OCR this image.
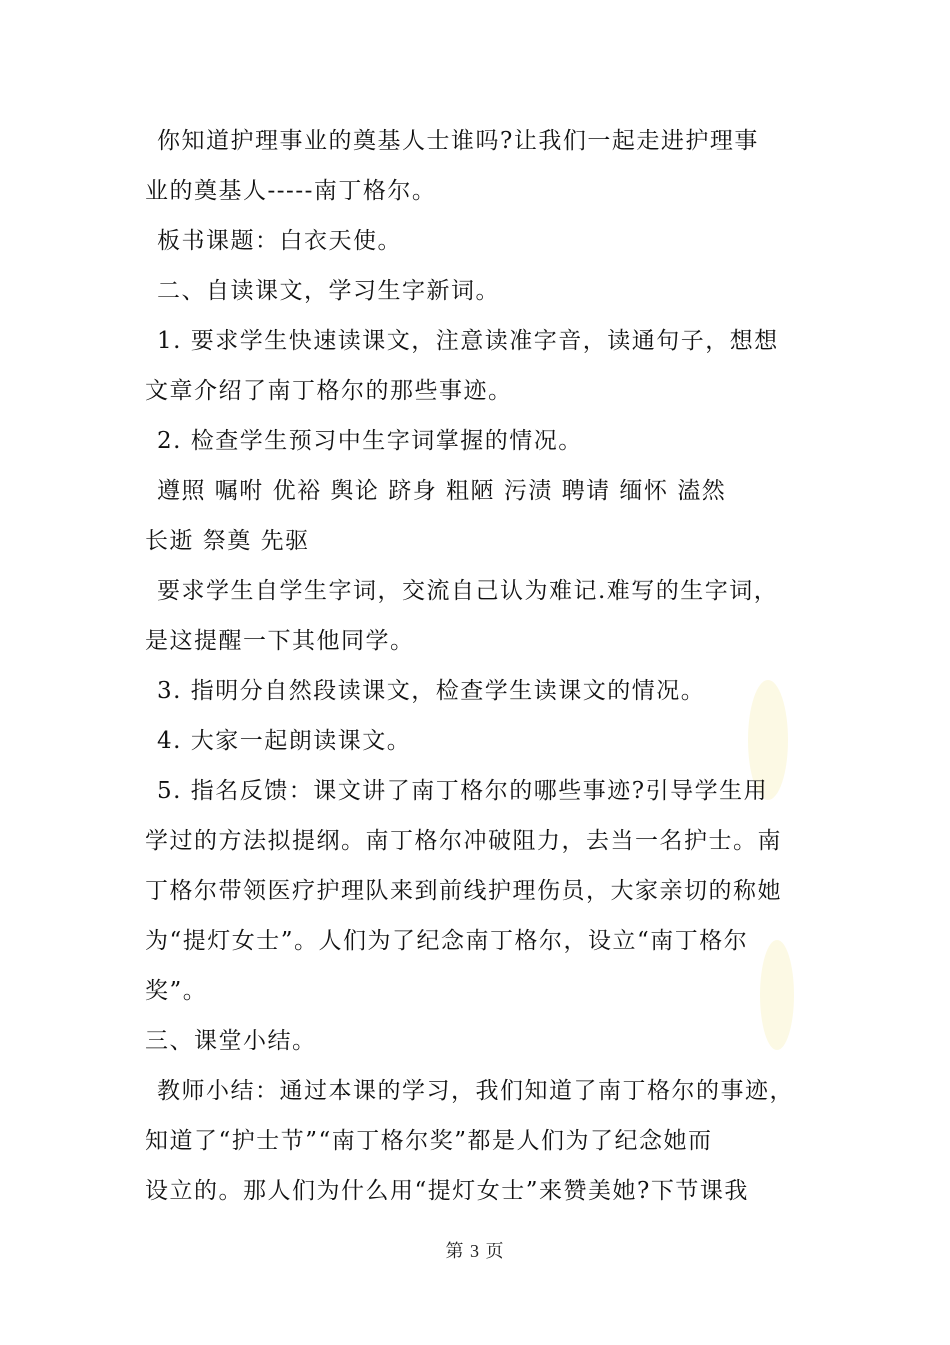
你知道护理事业的奠基人士谁吗?让我们一起走进护理事
业的奠基人-----南丁格尔。
板书课题：白衣天使。
二、自读课文，学习生字新词。
1. 要求学生快速读课文，注意读准字音，读通句子，想想
文章介绍了南丁格尔的那些事迹。
2. 检查学生预习中生字词掌握的情况。
遵照 嘱咐 优裕 舆论 跻身 粗陋 污渍 聘请 缅怀 溘然
长逝 祭奠 先驱
要求学生自学生字词，交流自己认为难记.难写的生字词，
是这提醒一下其他同学。
3. 指明分自然段读课文，检查学生读课文的情况。
4. 大家一起朗读课文。
5. 指名反馈：课文讲了南丁格尔的哪些事迹?引导学生用
学过的方法拟提纲。南丁格尔冲破阻力，去当一名护士。南
丁格尔带领医疗护理队来到前线护理伤员，大家亲切的称她
为“提灯女士”。人们为了纪念南丁格尔，设立“南丁格尔
奖”。
三、课堂小结。
教师小结：通过本课的学习，我们知道了南丁格尔的事迹，
知道了“护士节”“南丁格尔奖”都是人们为了纪念她而
设立的。那人们为什么用“提灯女士”来赞美她?下节课我
第 3 页
